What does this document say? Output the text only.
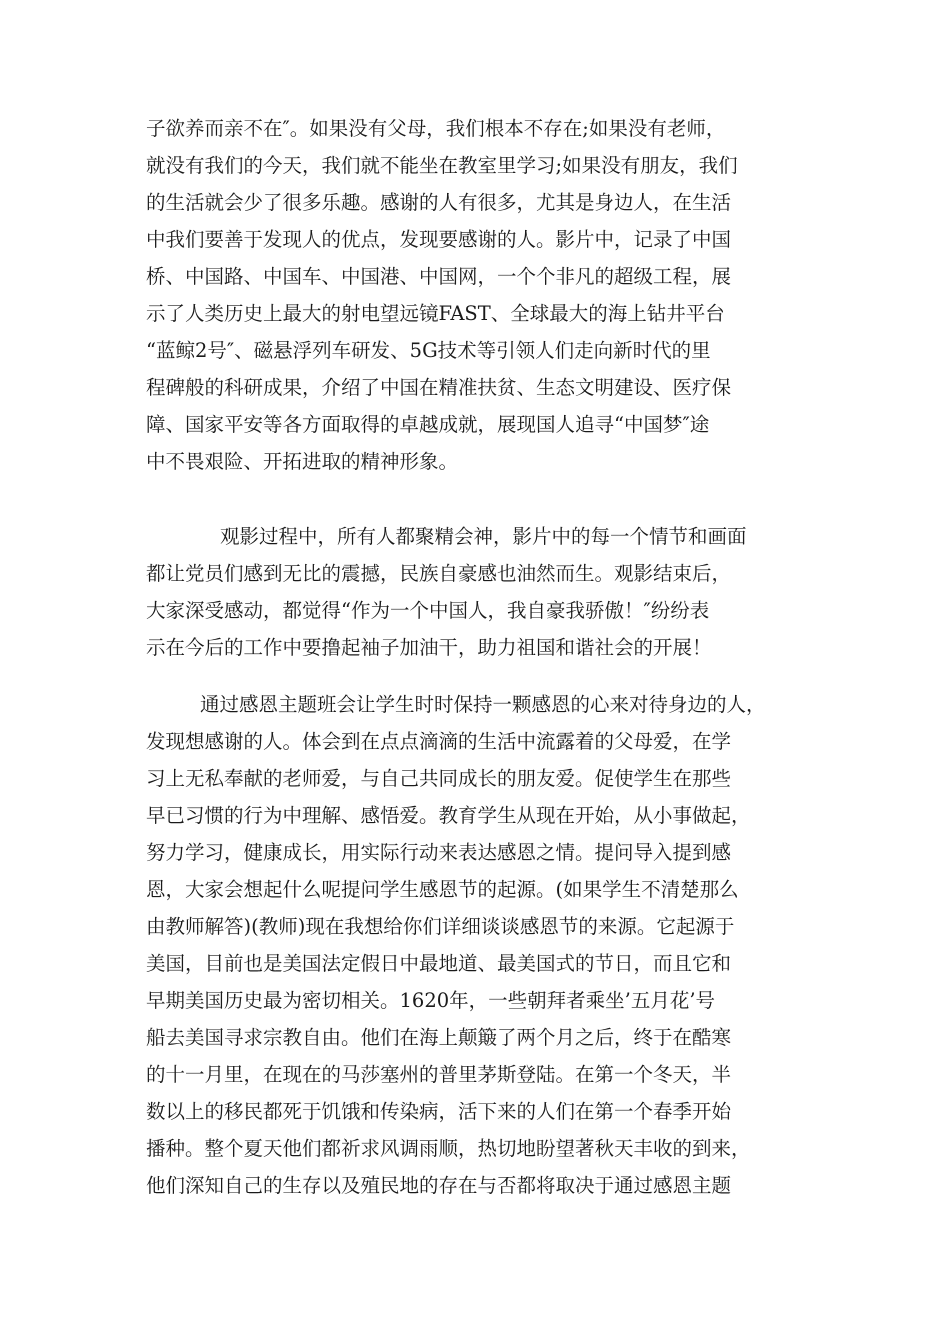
子欲养而亲不在″。如果没有父母，我们根本不存在;如果没有老师，

就没有我们的今天，我们就不能坐在教室里学习;如果没有朋友，我们

的生活就会少了很多乐趣。感谢的人有很多，尤其是身边人，在生活

中我们要善于发现人的优点，发现要感谢的人。影片中，记录了中国

桥、中国路、中国车、中国港、中国网，一个个非凡的超级工程，展

示了人类历史上最大的射电望远镜FAST、全球最大的海上钻井平台

“蓝鲸2号″、磁悬浮列车研发、5G技术等引领人们走向新时代的里

程碑般的科研成果，介绍了中国在精准扶贫、生态文明建设、医疗保

障、国家平安等各方面取得的卓越成就，展现国人追寻“中国梦″途

中不畏艰险、开拓进取的精神形象。

观影过程中，所有人都聚精会神，影片中的每一个情节和画面

都让党员们感到无比的震撼，民族自豪感也油然而生。观影结束后，

大家深受感动，都觉得“作为一个中国人，我自豪我骄傲！″纷纷表

示在今后的工作中要撸起袖子加油干，助力祖国和谐社会的开展！

通过感恩主题班会让学生时时保持一颗感恩的心来对待身边的人，

发现想感谢的人。体会到在点点滴滴的生活中流露着的父母爱，在学

习上无私奉献的老师爱，与自己共同成长的朋友爱。促使学生在那些

早已习惯的行为中理解、感悟爱。教育学生从现在开始，从小事做起，

努力学习，健康成长，用实际行动来表达感恩之情。提问导入提到感

恩，大家会想起什么呢提问学生感恩节的起源。(如果学生不清楚那么

由教师解答)(教师)现在我想给你们详细谈谈感恩节的来源。它起源于

美国，目前也是美国法定假日中最地道、最美国式的节日，而且它和

早期美国历史最为密切相关。1620年，一些朝拜者乘坐’五月花’号

船去美国寻求宗教自由。他们在海上颠簸了两个月之后，终于在酷寒

的十一月里，在现在的马莎塞州的普里茅斯登陆。在第一个冬天，半

数以上的移民都死于饥饿和传染病，活下来的人们在第一个春季开始

播种。整个夏天他们都祈求风调雨顺，热切地盼望著秋天丰收的到来，

他们深知自己的生存以及殖民地的存在与否都将取决于通过感恩主题
